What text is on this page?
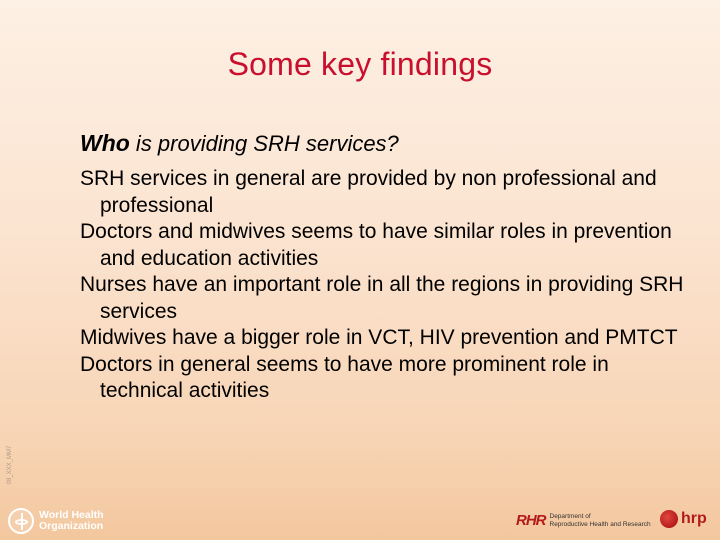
Some key findings
Who is providing SRH services?
SRH services in general are provided by non professional and professional
Doctors and midwives seems to have similar roles in prevention and education activities
Nurses have an important role in all the regions in providing SRH services
Midwives have a bigger role in VCT, HIV prevention and PMTCT
Doctors in general seems to have more prominent role in technical activities
08_XXX_MM7
World Health
Organization	RHR Department of
Reproductive Health and Research hrp
